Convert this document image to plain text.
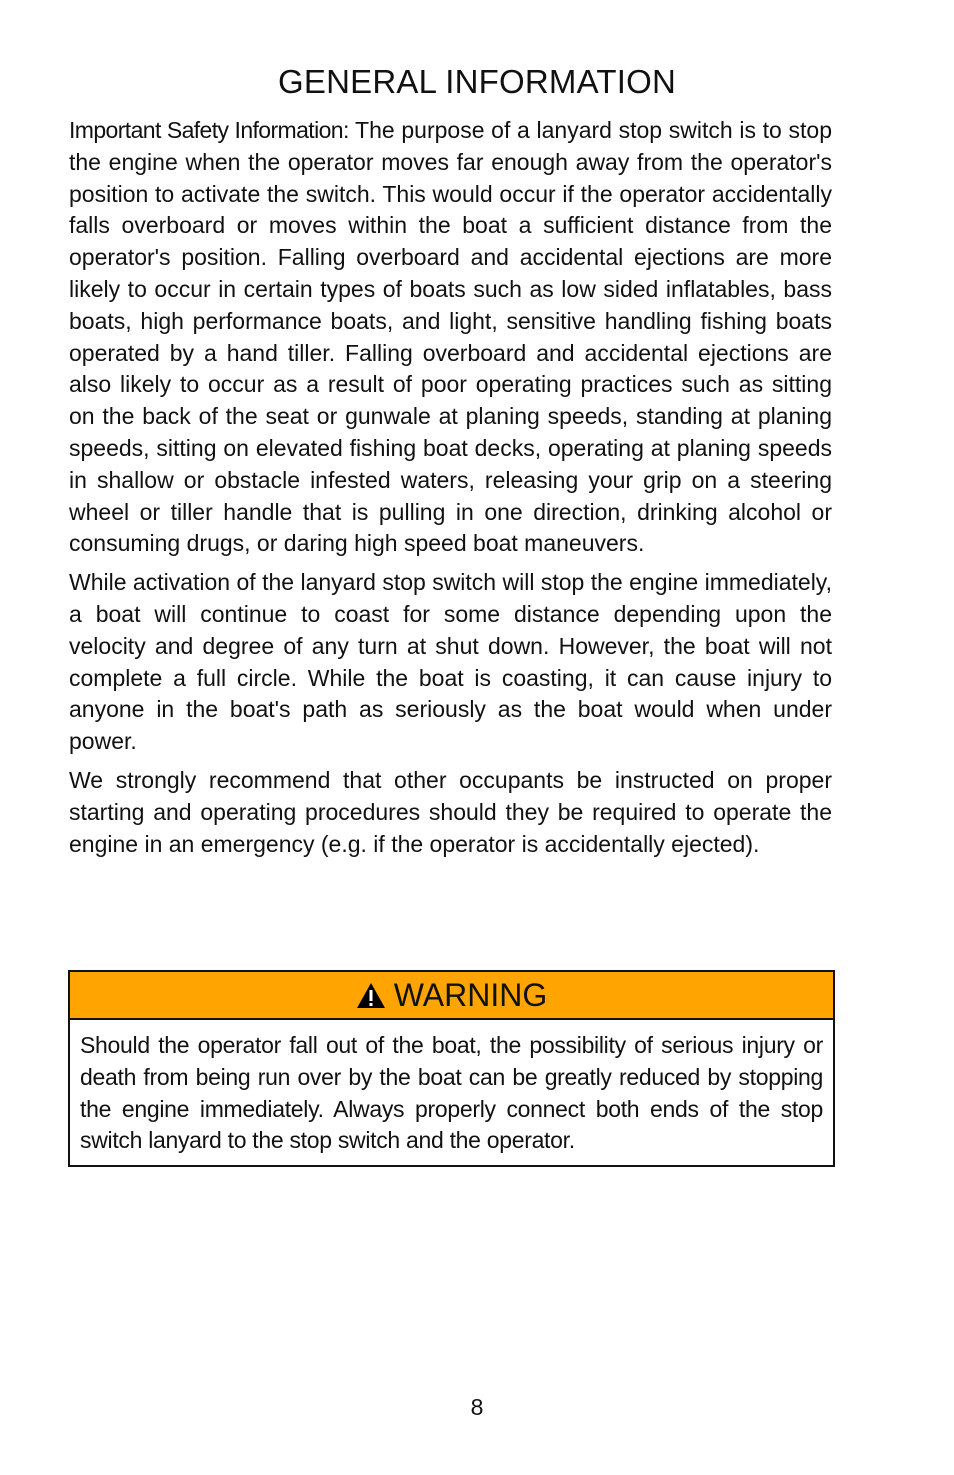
GENERAL INFORMATION

Important Safety Information: The purpose of a lanyard stop switch is to stop the engine when the operator moves far enough away from the operator's position to activate the switch. This would occur if the operator accidentally falls overboard or moves within the boat a sufficient distance from the operator's position. Falling overboard and accidental ejections are more likely to occur in certain types of boats such as low sided inflatables, bass boats, high performance boats, and light, sensitive handling fishing boats operated by a hand tiller. Falling overboard and accidental ejections are also likely to occur as a result of poor operating practices such as sitting on the back of the seat or gunwale at planing speeds, standing at planing speeds, sitting on elevated fishing boat decks, operating at planing speeds in shallow or obstacle infested waters, releasing your grip on a steering wheel or tiller handle that is pulling in one direction, drinking alcohol or consuming drugs, or daring high speed boat maneuvers.

While activation of the lanyard stop switch will stop the engine immediately, a boat will continue to coast for some distance depending upon the velocity and degree of any turn at shut down. However, the boat will not complete a full circle. While the boat is coasting, it can cause injury to anyone in the boat's path as seriously as the boat would when under power.

We strongly recommend that other occupants be instructed on proper starting and operating procedures should they be required to operate the engine in an emergency (e.g. if the operator is accidentally ejected).

WARNING

Should the operator fall out of the boat, the possibility of serious injury or death from being run over by the boat can be greatly reduced by stopping the engine immediately. Always properly connect both ends of the stop switch lanyard to the stop switch and the operator.

8
